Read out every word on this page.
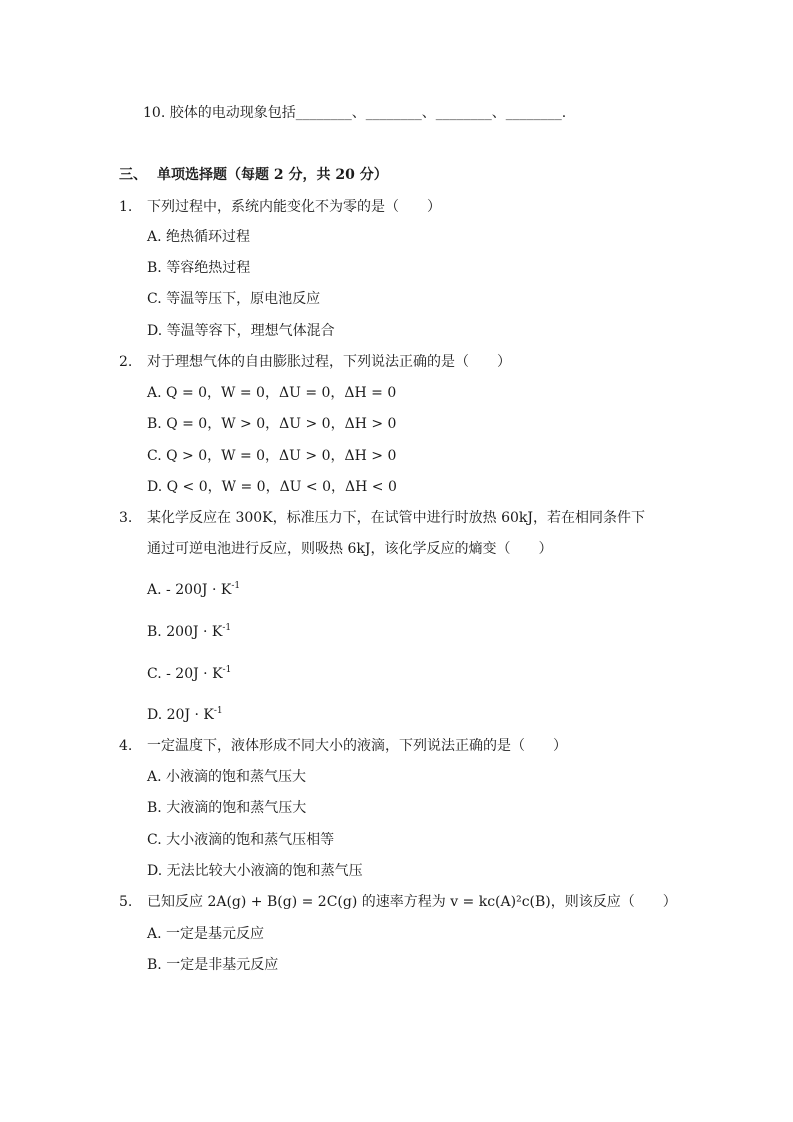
10. 胶体的电动现象包括________、________、________、________.
三、 单项选择题（每题 2 分，共 20 分）
1. 下列过程中，系统内能变化不为零的是（　　）
A. 绝热循环过程
B. 等容绝热过程
C. 等温等压下，原电池反应
D. 等温等容下，理想气体混合
2. 对于理想气体的自由膨胀过程，下列说法正确的是（　　）
A. Q = 0，W = 0，ΔU = 0，ΔH = 0
B. Q = 0，W > 0，ΔU > 0，ΔH > 0
C. Q > 0，W = 0，ΔU > 0，ΔH > 0
D. Q < 0，W = 0，ΔU < 0，ΔH < 0
3. 某化学反应在 300K，标准压力下，在试管中进行时放热 60kJ，若在相同条件下
通过可逆电池进行反应，则吸热 6kJ，该化学反应的熵变（　　）
A. - $200J \cdot K^{-1}$
B. $200J \cdot K^{-1}$
C. - $20J \cdot K^{-1}$
D. $20J \cdot K^{-1}$
4. 一定温度下，液体形成不同大小的液滴，下列说法正确的是（　　）
A. 小液滴的饱和蒸气压大
B. 大液滴的饱和蒸气压大
C. 大小液滴的饱和蒸气压相等
D. 无法比较大小液滴的饱和蒸气压
5. 已知反应 2A(g) + B(g) = 2C(g) 的速率方程为 v = kc(A)²c(B)，则该反应（　　）
A. 一定是基元反应
B. 一定是非基元反应
